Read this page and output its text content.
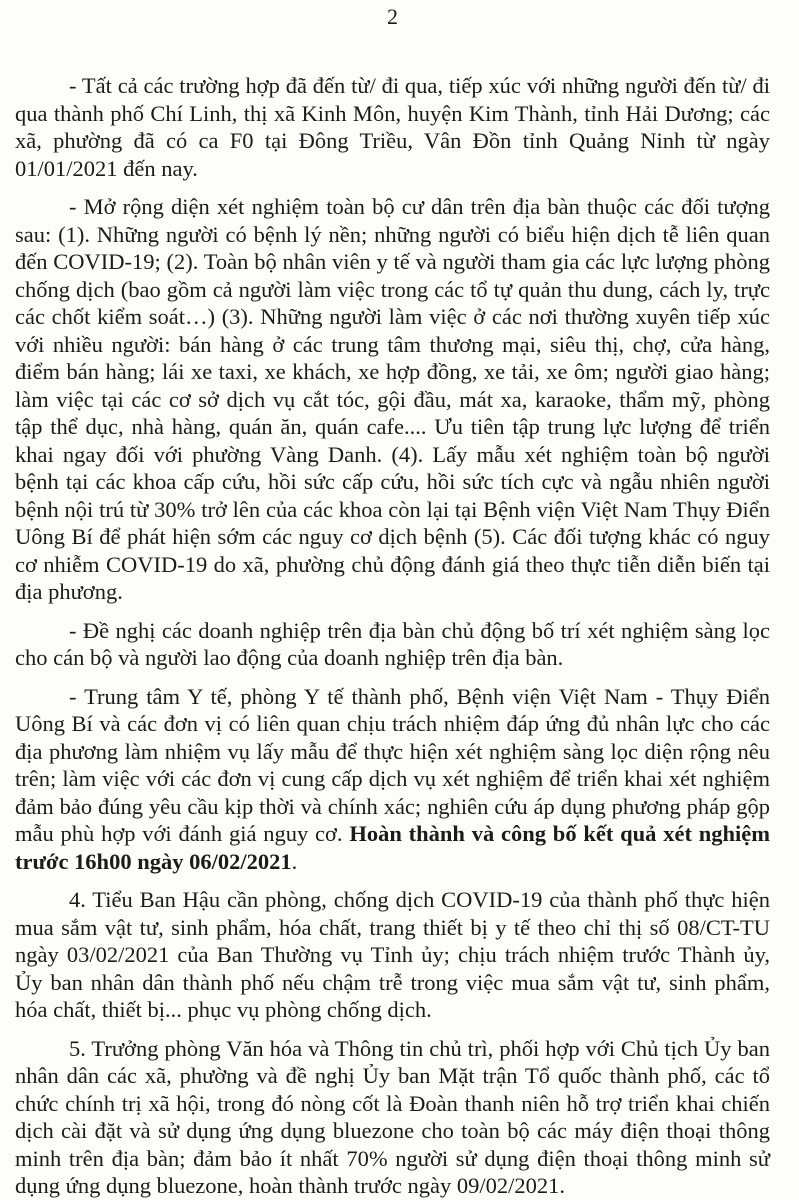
2

- Tất cả các trường hợp đã đến từ/ đi qua, tiếp xúc với những người đến từ/ đi qua thành phố Chí Linh, thị xã Kinh Môn, huyện Kim Thành, tỉnh Hải Dương; các xã, phường đã có ca F0 tại Đông Triều, Vân Đồn tỉnh Quảng Ninh từ ngày 01/01/2021 đến nay.

- Mở rộng diện xét nghiệm toàn bộ cư dân trên địa bàn thuộc các đối tượng sau: (1). Những người có bệnh lý nền; những người có biểu hiện dịch tễ liên quan đến COVID-19; (2). Toàn bộ nhân viên y tế và người tham gia các lực lượng phòng chống dịch (bao gồm cả người làm việc trong các tổ tự quản thu dung, cách ly, trực các chốt kiểm soát…) (3). Những người làm việc ở các nơi thường xuyên tiếp xúc với nhiều người: bán hàng ở các trung tâm thương mại, siêu thị, chợ, cửa hàng, điểm bán hàng; lái xe taxi, xe khách, xe hợp đồng, xe tải, xe ôm; người giao hàng; làm việc tại các cơ sở dịch vụ cắt tóc, gội đầu, mát xa, karaoke, thẩm mỹ, phòng tập thể dục, nhà hàng, quán ăn, quán cafe.... Ưu tiên tập trung lực lượng để triển khai ngay đối với phường Vàng Danh. (4). Lấy mẫu xét nghiệm toàn bộ người bệnh tại các khoa cấp cứu, hồi sức cấp cứu, hồi sức tích cực và ngẫu nhiên người bệnh nội trú từ 30% trở lên của các khoa còn lại tại Bệnh viện Việt Nam Thụy Điển Uông Bí để phát hiện sớm các nguy cơ dịch bệnh (5). Các đối tượng khác có nguy cơ nhiễm COVID-19 do xã, phường chủ động đánh giá theo thực tiễn diễn biến tại địa phương.

- Đề nghị các doanh nghiệp trên địa bàn chủ động bố trí xét nghiệm sàng lọc cho cán bộ và người lao động của doanh nghiệp trên địa bàn.

- Trung tâm Y tế, phòng Y tế thành phố, Bệnh viện Việt Nam - Thụy Điển Uông Bí và các đơn vị có liên quan chịu trách nhiệm đáp ứng đủ nhân lực cho các địa phương làm nhiệm vụ lấy mẫu để thực hiện xét nghiệm sàng lọc diện rộng nêu trên; làm việc với các đơn vị cung cấp dịch vụ xét nghiệm để triển khai xét nghiệm đảm bảo đúng yêu cầu kịp thời và chính xác; nghiên cứu áp dụng phương pháp gộp mẫu phù hợp với đánh giá nguy cơ. Hoàn thành và công bố kết quả xét nghiệm trước 16h00 ngày 06/02/2021.

4. Tiểu Ban Hậu cần phòng, chống dịch COVID-19 của thành phố thực hiện mua sắm vật tư, sinh phẩm, hóa chất, trang thiết bị y tế theo chỉ thị số 08/CT-TU ngày 03/02/2021 của Ban Thường vụ Tỉnh ủy; chịu trách nhiệm trước Thành ủy, Ủy ban nhân dân thành phố nếu chậm trễ trong việc mua sắm vật tư, sinh phẩm, hóa chất, thiết bị... phục vụ phòng chống dịch.

5. Trưởng phòng Văn hóa và Thông tin chủ trì, phối hợp với Chủ tịch Ủy ban nhân dân các xã, phường và đề nghị Ủy ban Mặt trận Tổ quốc thành phố, các tổ chức chính trị xã hội, trong đó nòng cốt là Đoàn thanh niên hỗ trợ triển khai chiến dịch cài đặt và sử dụng ứng dụng bluezone cho toàn bộ các máy điện thoại thông minh trên địa bàn; đảm bảo ít nhất 70% người sử dụng điện thoại thông minh sử dụng ứng dụng bluezone, hoàn thành trước ngày 09/02/2021.
